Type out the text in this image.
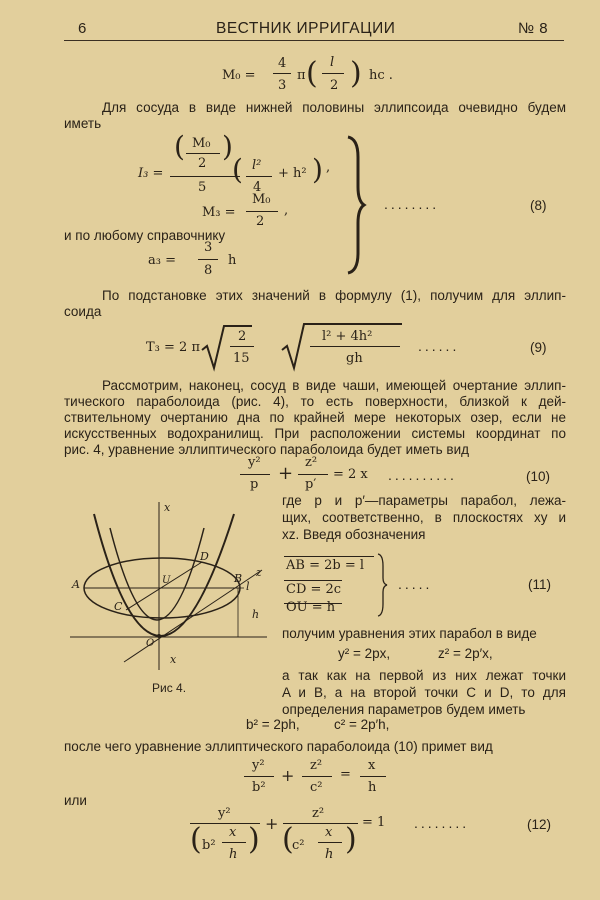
6	ВЕСТНИК ИРРИГАЦИИ	№ 8
M₀ =
4
3
π ( l
2 ) hc .
Для сосуда в виде нижней половины эллипсоида очевидно будем
иметь
I₃ =
( M₀
2
)
5
( l²
4
+ h² ) ,
M₃ =
M₀
2
,
и по любому справочнику
a₃ =
3
8
h
........	(8)
По подстановке этих значений в формулу (1), получим для эллип-
соида
T₃ = 2 π
2
15
l² + 4h²
gh
......	(9)
Рассмотрим, наконец, сосуд в виде чаши, имеющей очертание эллип-
тического параболоида (рис. 4), то есть поверхности, близкой к дей-
ствительному очертанию дна по крайней мере некоторых озер, если не
искусственных водохранилищ. При расположении системы координат по
рис. 4, уравнение эллиптического параболоида будет иметь вид
y²
p
+
z²
p′
= 2 x ..........	(10)
x
A	B
D
C
z
h
l
O
x
U
Рис 4.
где p и p′—параметры парабол, лежа-
щих, соответственно, в плоскостях xy и
xz. Введя обозначения
AB = 2b = l
CD = 2c
OU = h
.....	(11)
получим уравнения этих парабол в виде
y² = 2px,	z² = 2p′x,
а так как на первой из них лежат точки
A и B, а на второй точки C и D, то для
определения параметров будем иметь
b² = 2ph,	c² = 2p′h,
после чего уравнение эллиптического параболоида (10) примет вид
y²
b²
+
z²
c²
=
x
h
или
y²
( b²
x
h ) +
z²
(
c²
x
h ) = 1 ........	(12)
